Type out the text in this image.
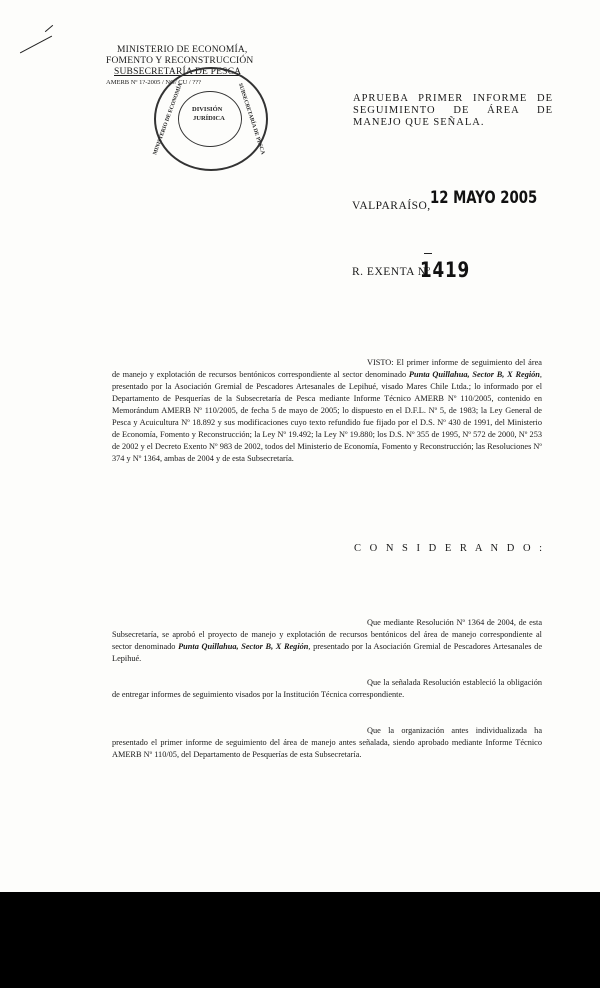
MINISTERIO DE ECONOMÍA,
FOMENTO Y RECONSTRUCCIÓN
SUBSECRETARÍA DE PESCA
AMERB Nº 1?-2005 / NG/ CU / ???
DIVISIÓN
JURÍDICA
MINISTERIO DE ECONOMÍA	SUBSECRETARÍA DE PESCA	APRUEBA PRIMER INFORME DE SEGUIMIENTO DE ÁREA DE MANEJO QUE SEÑALA.
VALPARAÍSO, 12 MAYO 2005
R. EXENTA Nº
1419
VISTO: El primer informe de seguimiento del área de manejo y explotación de recursos bentónicos correspondiente al sector denominado Punta Quillahua, Sector B, X Región, presentado por la Asociación Gremial de Pescadores Artesanales de Lepihué, visado Mares Chile Ltda.; lo informado por el Departamento de Pesquerías de la Subsecretaría de Pesca mediante Informe Técnico AMERB Nº 110/2005, contenido en Memorándum AMERB Nº 110/2005, de fecha 5 de mayo de 2005; lo dispuesto en el D.F.L. Nº 5, de 1983; la Ley General de Pesca y Acuicultura Nº 18.892 y sus modificaciones cuyo texto refundido fue fijado por el D.S. Nº 430 de 1991, del Ministerio de Economía, Fomento y Reconstrucción; la Ley Nº 19.492; la Ley Nº 19.880; los D.S. Nº 355 de 1995, Nº 572 de 2000, Nº 253 de 2002 y el Decreto Exento Nº 983 de 2002, todos del Ministerio de Economía, Fomento y Reconstrucción; las Resoluciones Nº 374 y Nº 1364, ambas de 2004 y de esta Subsecretaría.
C O N S I D E R A N D O :
Que mediante Resolución Nº 1364 de 2004, de esta Subsecretaría, se aprobó el proyecto de manejo y explotación de recursos bentónicos del área de manejo correspondiente al sector denominado Punta Quillahua, Sector B, X Región, presentado por la Asociación Gremial de Pescadores Artesanales de Lepihué.
Que la señalada Resolución estableció la obligación de entregar informes de seguimiento visados por la Institución Técnica correspondiente.
Que la organización antes individualizada ha presentado el primer informe de seguimiento del área de manejo antes señalada, siendo aprobado mediante Informe Técnico AMERB Nº 110/05, del Departamento de Pesquerías de esta Subsecretaría.
